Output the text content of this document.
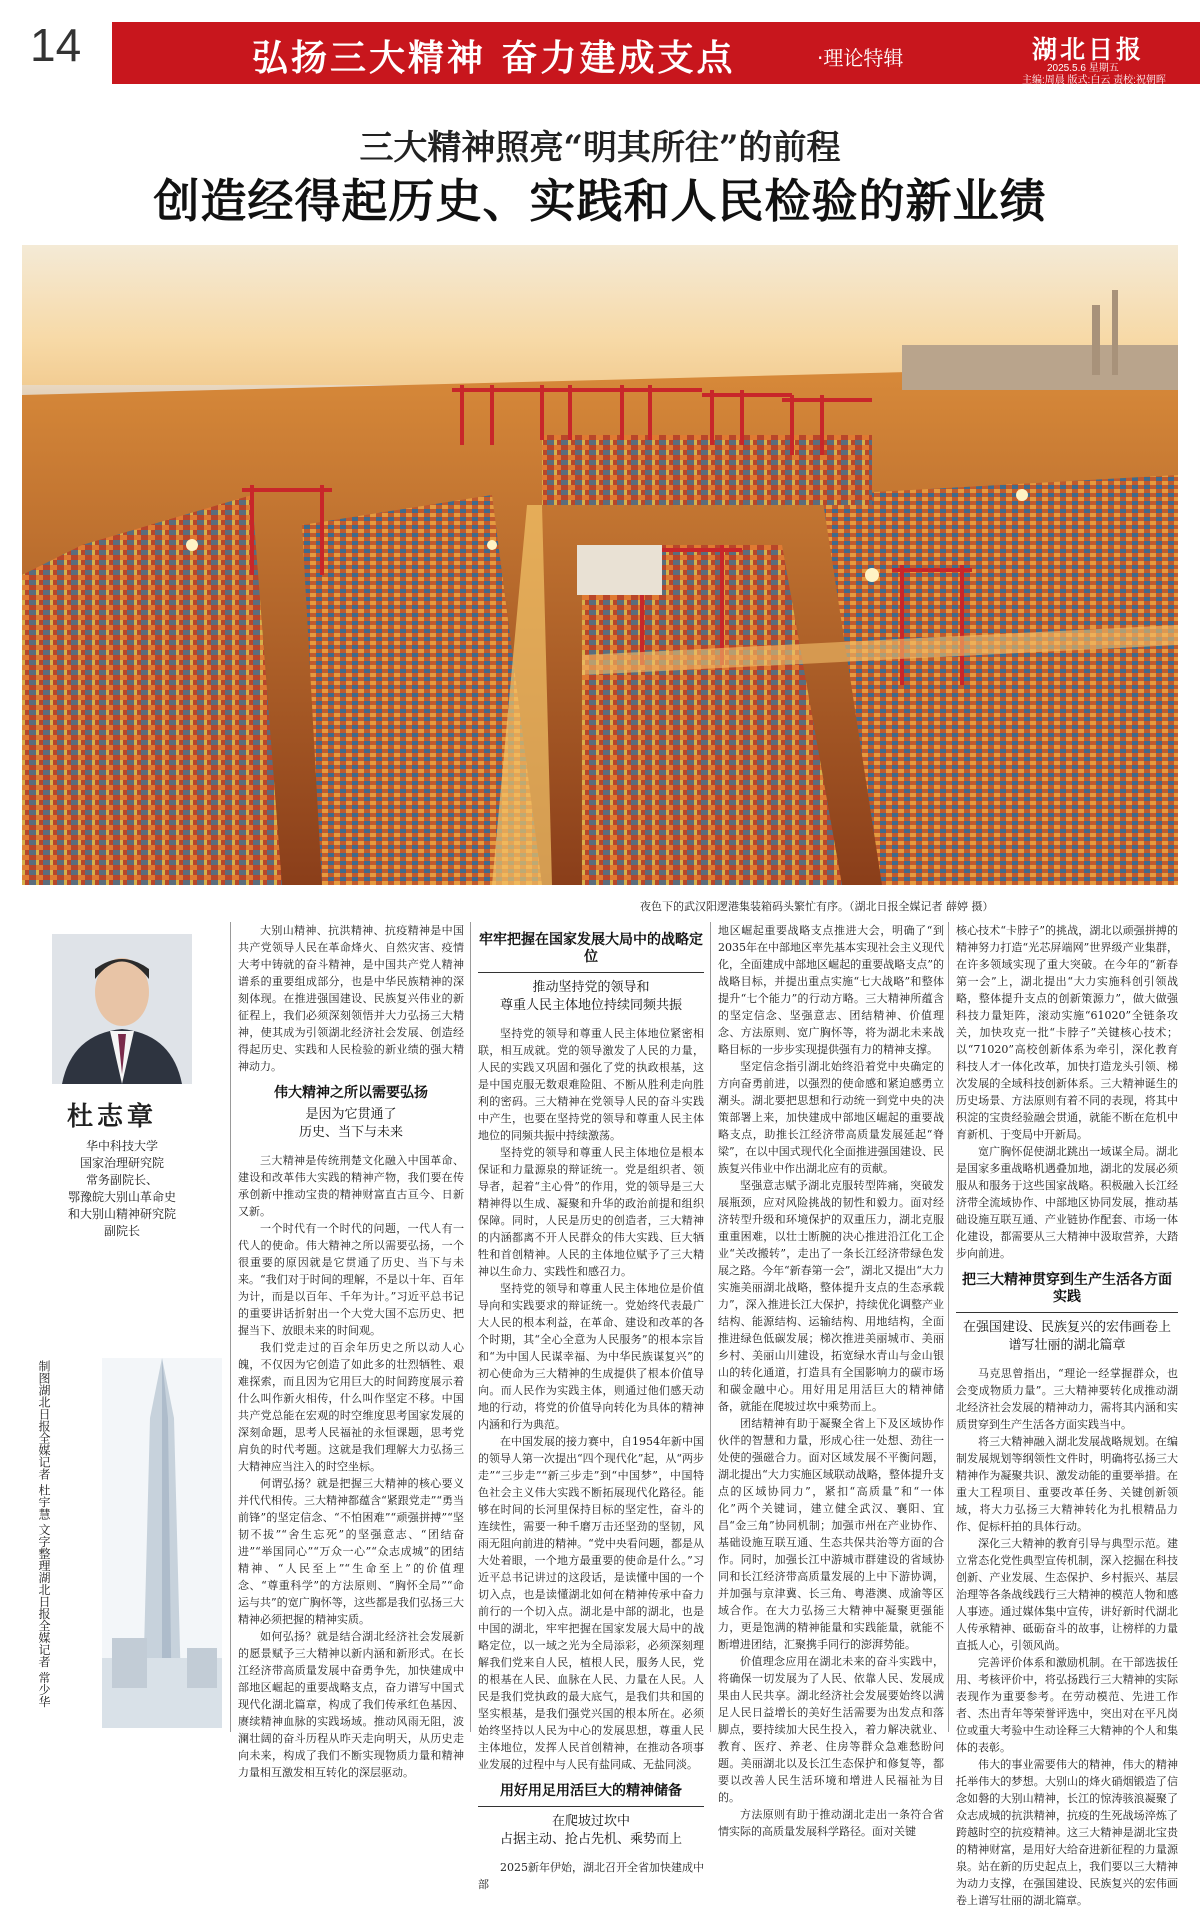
14	弘扬三大精神 奋力建成支点	·理论特辑	湖北日报
2025.5.6 星期五
主编:周晨 版式:白云 责校:祝朝晖
三大精神照亮“明其所往”的前程
创造经得起历史、实践和人民检验的新业绩
夜色下的武汉阳逻港集装箱码头繁忙有序。（湖北日报全媒记者 薛婷 摄）
杜志章
华中科技大学
国家治理研究院
常务副院长、
鄂豫皖大别山革命史
和大别山精神研究院
副院长
制图湖北日报全媒记者 杜宇慧 文字整理湖北日报全媒记者 常少华

大别山精神、抗洪精神、抗疫精神是中国共产党领导人民在革命烽火、自然灾害、疫情大考中铸就的奋斗精神，是中国共产党人精神谱系的重要组成部分，也是中华民族精神的深刻体现。在推进强国建设、民族复兴伟业的新征程上，我们必须深刻领悟并大力弘扬三大精神，使其成为引领湖北经济社会发展、创造经得起历史、实践和人民检验的新业绩的强大精神动力。

伟大精神之所以需要弘扬
是因为它贯通了
历史、当下与未来

三大精神是传统荆楚文化融入中国革命、建设和改革伟大实践的精神产物，我们要在传承创新中推动宝贵的精神财富直古亘今、日新又新。

一个时代有一个时代的问题，一代人有一代人的使命。伟大精神之所以需要弘扬，一个很重要的原因就是它贯通了历史、当下与未来。“我们对于时间的理解，不是以十年、百年为计，而是以百年、千年为计。”习近平总书记的重要讲话折射出一个大党大国不忘历史、把握当下、放眼未来的时间观。

我们党走过的百余年历史之所以动人心魄，不仅因为它创造了如此多的壮烈牺牲、艰难探索，而且因为它用巨大的时间跨度展示着什么叫作新火相传，什么叫作坚定不移。中国共产党总能在宏观的时空维度思考国家发展的深刻命题，思考人民福祉的永恒课题，思考党肩负的时代考题。这就是我们理解大力弘扬三大精神应当注入的时空坐标。

何谓弘扬？就是把握三大精神的核心要义并代代相传。三大精神都蕴含“紧跟党走”“勇当前锋”的坚定信念、“不怕困难”“顽强拼搏”“坚韧不拔”“舍生忘死”的坚强意志、“团结奋进”“举国同心”“万众一心”“众志成城”的团结精神、“人民至上”“生命至上”的价值理念、“尊重科学”的方法原则、“胸怀全局”“命运与共”的宽广胸怀等，这些都是我们弘扬三大精神必须把握的精神实质。

如何弘扬？就是结合湖北经济社会发展新的愿景赋予三大精神以新内涵和新形式。在长江经济带高质量发展中奋勇争先，加快建成中部地区崛起的重要战略支点，奋力谱写中国式现代化湖北篇章，构成了我们传承红色基因、赓续精神血脉的实践场域。推动风雨无阻，波澜壮阔的奋斗历程从昨天走向明天，从历史走向未来，构成了我们不断实现物质力量和精神力量相互激发相互转化的深层驱动。

牢牢把握在国家发展大局中的战略定位
推动坚持党的领导和
尊重人民主体地位持续同频共振

坚持党的领导和尊重人民主体地位紧密相联，相互成就。党的领导激发了人民的力量，人民的实践又巩固和强化了党的执政根基，这是中国克服无数艰难险阻、不断从胜利走向胜利的密码。三大精神在党领导人民的奋斗实践中产生，也要在坚持党的领导和尊重人民主体地位的同频共振中持续激荡。

坚持党的领导和尊重人民主体地位是根本保证和力量源泉的辩证统一。党是组织者、领导者，起着“主心骨”的作用，党的领导是三大精神得以生成、凝聚和升华的政治前提和组织保障。同时，人民是历史的创造者，三大精神的内涵都离不开人民群众的伟大实践、巨大牺牲和首创精神。人民的主体地位赋予了三大精神以生命力、实践性和感召力。

坚持党的领导和尊重人民主体地位是价值导向和实践要求的辩证统一。党始终代表最广大人民的根本利益，在革命、建设和改革的各个时期，其“全心全意为人民服务”的根本宗旨和“为中国人民谋幸福、为中华民族谋复兴”的初心使命为三大精神的生成提供了根本价值导向。而人民作为实践主体，则通过他们感天动地的行动，将党的价值导向转化为具体的精神内涵和行为典范。

在中国发展的接力赛中，自1954年新中国的领导人第一次提出“四个现代化”起，从“两步走”“三步走”“新三步走”到“中国梦”，中国特色社会主义伟大实践不断拓展现代化路径。能够在时间的长河里保持目标的坚定性，奋斗的连续性，需要一种千磨万击还坚劲的坚韧，风雨无阻向前进的精神。“党中央看问题，都是从大处着眼，一个地方最重要的使命是什么。”习近平总书记讲过的这段话，是读懂中国的一个切入点，也是读懂湖北如何在精神传承中奋力前行的一个切入点。湖北是中部的湖北，也是中国的湖北，牢牢把握在国家发展大局中的战略定位，以一域之光为全局添彩，必须深刻理解我们党来自人民，植根人民，服务人民，党的根基在人民、血脉在人民、力量在人民。人民是我们党执政的最大底气，是我们共和国的坚实根基，是我们强党兴国的根本所在。必须始终坚持以人民为中心的发展思想，尊重人民主体地位，发挥人民首创精神，在推动各项事业发展的过程中与人民有盐同咸、无盐同淡。

用好用足用活巨大的精神储备
在爬坡过坎中
占据主动、抢占先机、乘势而上

2025新年伊始，湖北召开全省加快建成中部

地区崛起重要战略支点推进大会，明确了“到2035年在中部地区率先基本实现社会主义现代化，全面建成中部地区崛起的重要战略支点”的战略目标，并提出重点实施“七大战略”和整体提升“七个能力”的行动方略。三大精神所蕴含的坚定信念、坚强意志、团结精神、价值理念、方法原则、宽广胸怀等，将为湖北未来战略目标的一步步实现提供强有力的精神支撑。

坚定信念指引湖北始终沿着党中央确定的方向奋勇前进，以强烈的使命感和紧迫感勇立潮头。湖北要把思想和行动统一到党中央的决策部署上来，加快建成中部地区崛起的重要战略支点，助推长江经济带高质量发展延起“脊梁”，在以中国式现代化全面推进强国建设、民族复兴伟业中作出湖北应有的贡献。

坚强意志赋予湖北克服转型阵痛，突破发展瓶颈，应对风险挑战的韧性和毅力。面对经济转型升级和环境保护的双重压力，湖北克服重重困难，以壮士断腕的决心推进沿江化工企业“关改搬转”，走出了一条长江经济带绿色发展之路。今年“新春第一会”，湖北又提出“大力实施美丽湖北战略，整体提升支点的生态承载力”，深入推进长江大保护，持续优化调整产业结构、能源结构、运输结构、用地结构，全面推进绿色低碳发展；梯次推进美丽城市、美丽乡村、美丽山川建设，拓宽绿水青山与金山银山的转化通道，打造具有全国影响力的碳市场和碳金融中心。用好用足用活巨大的精神储备，就能在爬坡过坎中乘势而上。

团结精神有助于凝聚全省上下及区域协作伙伴的智慧和力量，形成心往一处想、劲往一处使的强磁合力。面对区域发展不平衡问题，湖北提出“大力实施区域联动战略，整体提升支点的区域协同力”，紧扣“高质量”和“一体化”两个关键词，建立健全武汉、襄阳、宜昌“金三角”协同机制；加强市州在产业协作、基础设施互联互通、生态共保共治等方面的合作。同时，加强长江中游城市群建设的省域协同和长江经济带高质量发展的上中下游协调，并加强与京津冀、长三角、粤港澳、成渝等区域合作。在大力弘扬三大精神中凝聚更强能力，更是饱满的精神能量和实践能量，就能不断增进团结，汇聚携手同行的澎湃势能。

价值理念应用在湖北未来的奋斗实践中，将确保一切发展为了人民、依靠人民、发展成果由人民共享。湖北经济社会发展要始终以满足人民日益增长的美好生活需要为出发点和落脚点，要持续加大民生投入，着力解决就业、教育、医疗、养老、住房等群众急难愁盼问题。美丽湖北以及长江生态保护和修复等，都要以改善人民生活环境和增进人民福祉为目的。

方法原则有助于推动湖北走出一条符合省情实际的高质量发展科学路径。面对关键

核心技术“卡脖子”的挑战，湖北以顽强拼搏的精神努力打造“光芯屏端网”世界级产业集群，在许多领域实现了重大突破。在今年的“新春第一会”上，湖北提出“大力实施科创引领战略，整体提升支点的创新策源力”，做大做强科技力量矩阵，滚动实施“61020”全链条攻关，加快攻克一批“卡脖子”关键核心技术；以“71020”高校创新体系为牵引，深化教育科技人才一体化改革，加快打造龙头引领、梯次发展的全域科技创新体系。三大精神诞生的历史场景、方法原则有着不同的表现，将其中积淀的宝贵经验融会贯通，就能不断在危机中育新机、于变局中开新局。

宽广胸怀促使湖北跳出一域谋全局。湖北是国家多重战略机遇叠加地，湖北的发展必须服从和服务于这些国家战略。积极融入长江经济带全流域协作、中部地区协同发展，推动基础设施互联互通、产业链协作配套、市场一体化建设，都需要从三大精神中汲取营养，大踏步向前进。

把三大精神贯穿到生产生活各方面实践
在强国建设、民族复兴的宏伟画卷上
谱写壮丽的湖北篇章

马克思曾指出，“理论一经掌握群众，也会变成物质力量”。三大精神要转化成推动湖北经济社会发展的精神动力，需将其内涵和实质贯穿到生产生活各方面实践当中。

将三大精神融入湖北发展战略规划。在编制发展规划等纲领性文件时，明确将弘扬三大精神作为凝聚共识、激发动能的重要举措。在重大工程项目、重要改革任务、关键创新领域，将大力弘扬三大精神转化为扎根精品力作、促标杆拍的具体行动。

深化三大精神的教育引导与典型示范。建立常态化党性典型宣传机制，深入挖掘在科技创新、产业发展、生态保护、乡村振兴、基层治理等各条战线践行三大精神的模范人物和感人事迹。通过媒体集中宣传，讲好新时代湖北人传承精神、砥砺奋斗的故事，让榜样的力量直抵人心，引领风尚。

完善评价体系和激励机制。在干部选拔任用、考核评价中，将弘扬践行三大精神的实际表现作为重要参考。在劳动模范、先进工作者、杰出青年等荣誉评选中，突出对在平凡岗位或重大考验中生动诠释三大精神的个人和集体的表彰。

伟大的事业需要伟大的精神，伟大的精神托举伟大的梦想。大别山的烽火硝烟锻造了信念如磐的大别山精神，长江的惊涛骇浪凝聚了众志成城的抗洪精神，抗疫的生死战场淬炼了跨越时空的抗疫精神。这三大精神是湖北宝贵的精神财富，是用好大给奋进新征程的力量源泉。站在新的历史起点上，我们要以三大精神为动力支撑，在强国建设、民族复兴的宏伟画卷上谱写壮丽的湖北篇章。
